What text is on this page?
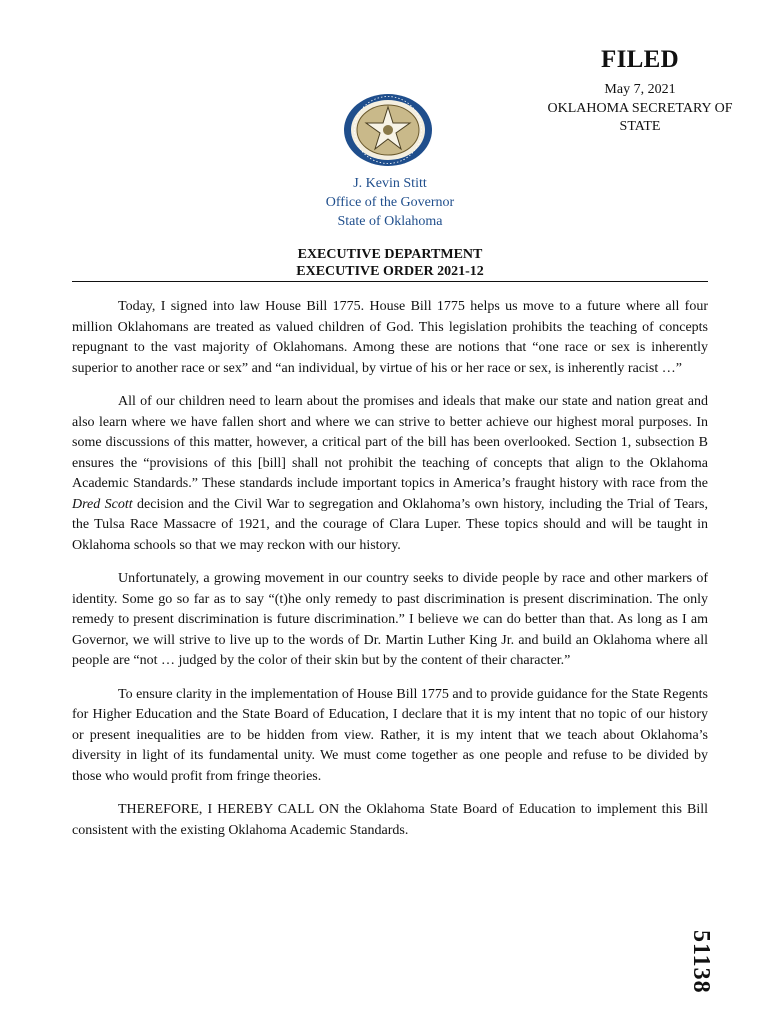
FILED
May 7, 2021
OKLAHOMA SECRETARY OF
STATE
J. Kevin Stitt
Office of the Governor
State of Oklahoma
EXECUTIVE DEPARTMENT
EXECUTIVE ORDER 2021-12

Today, I signed into law House Bill 1775. House Bill 1775 helps us move to a future where all four million Oklahomans are treated as valued children of God. This legislation prohibits the teaching of concepts repugnant to the vast majority of Oklahomans. Among these are notions that “one race or sex is inherently superior to another race or sex” and “an individual, by virtue of his or her race or sex, is inherently racist …”

All of our children need to learn about the promises and ideals that make our state and nation great and also learn where we have fallen short and where we can strive to better achieve our highest moral purposes. In some discussions of this matter, however, a critical part of the bill has been overlooked. Section 1, subsection B ensures the “provisions of this [bill] shall not prohibit the teaching of concepts that align to the Oklahoma Academic Standards.” These standards include important topics in America’s fraught history with race from the Dred Scott decision and the Civil War to segregation and Oklahoma’s own history, including the Trial of Tears, the Tulsa Race Massacre of 1921, and the courage of Clara Luper. These topics should and will be taught in Oklahoma schools so that we may reckon with our history.

Unfortunately, a growing movement in our country seeks to divide people by race and other markers of identity. Some go so far as to say “(t)he only remedy to past discrimination is present discrimination. The only remedy to present discrimination is future discrimination.” I believe we can do better than that. As long as I am Governor, we will strive to live up to the words of Dr. Martin Luther King Jr. and build an Oklahoma where all people are “not … judged by the color of their skin but by the content of their character.”

To ensure clarity in the implementation of House Bill 1775 and to provide guidance for the State Regents for Higher Education and the State Board of Education, I declare that it is my intent that no topic of our history or present inequalities are to be hidden from view. Rather, it is my intent that we teach about Oklahoma’s diversity in light of its fundamental unity. We must come together as one people and refuse to be divided by those who would profit from fringe theories.

THEREFORE, I HEREBY CALL ON the Oklahoma State Board of Education to implement this Bill consistent with the existing Oklahoma Academic Standards.

51138
